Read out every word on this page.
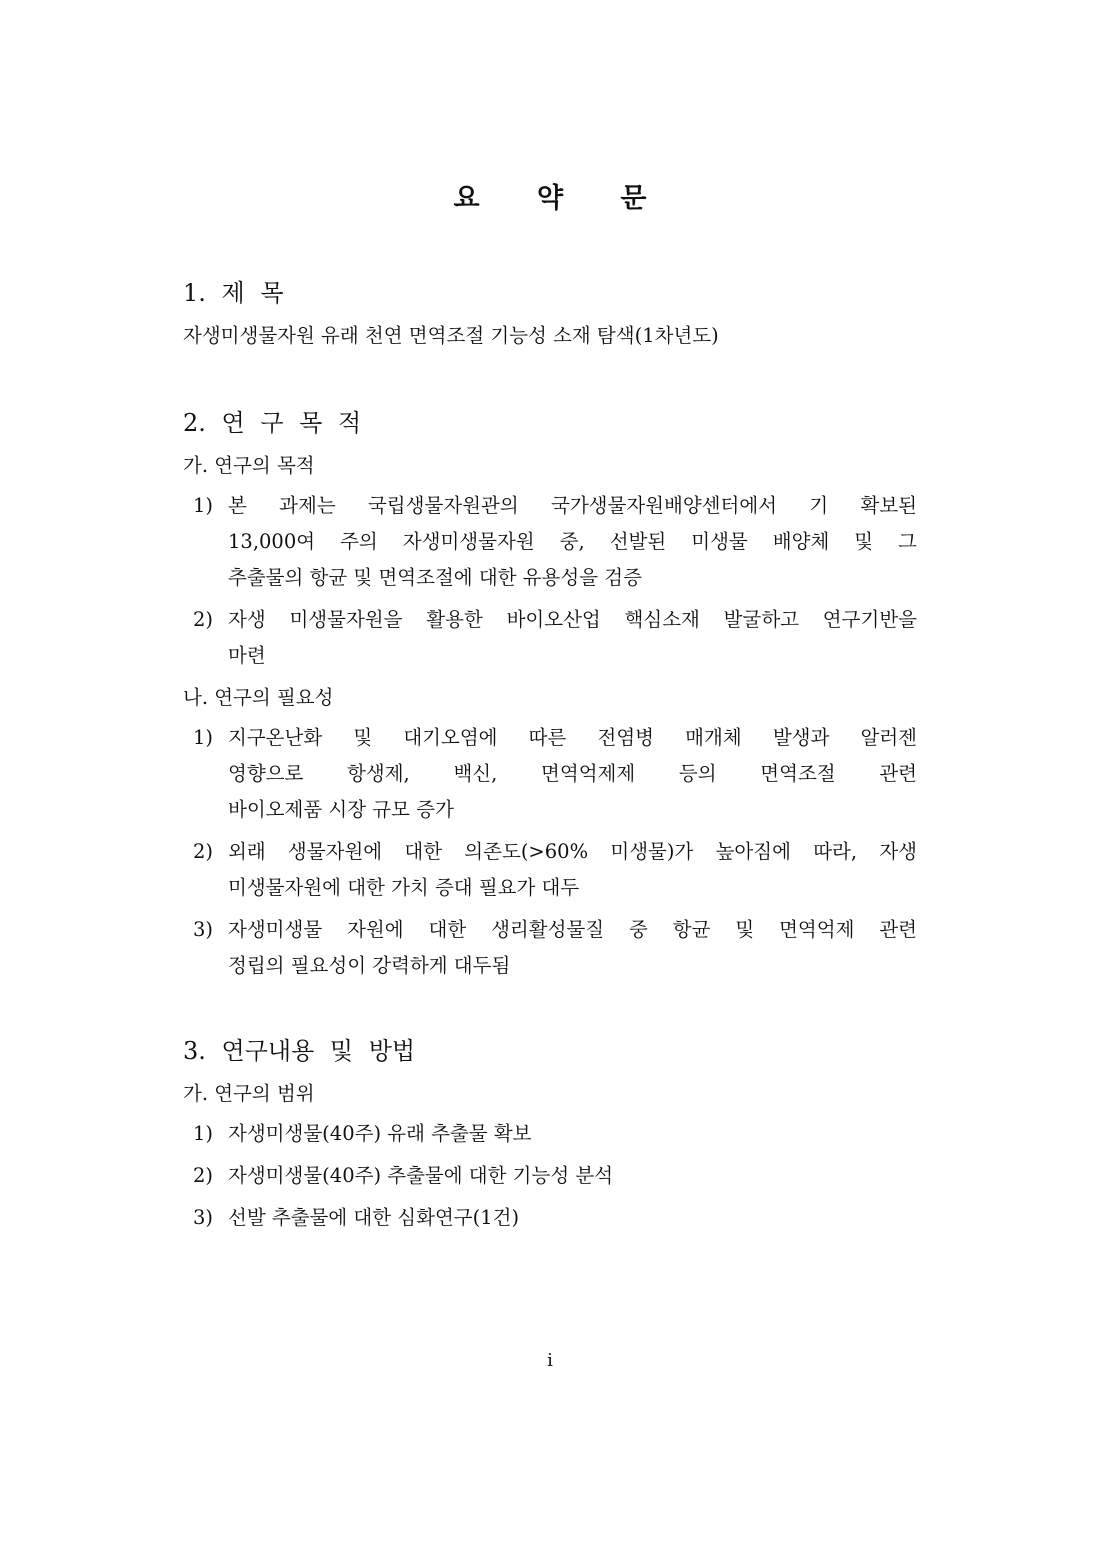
요 약 문
1. 제 목

자생미생물자원 유래 천연 면역조절 기능성 소재 탐색(1차년도)

2. 연 구 목 적
가. 연구의 목적
1) 본 과제는 국립생물자원관의 국가생물자원배양센터에서 기 확보된
13,000여 주의 자생미생물자원 중, 선발된 미생물 배양체 및 그
추출물의 항균 및 면역조절에 대한 유용성을 검증
2) 자생 미생물자원을 활용한 바이오산업 핵심소재 발굴하고 연구기반을
마련
나. 연구의 필요성
1) 지구온난화 및 대기오염에 따른 전염병 매개체 발생과 알러젠
영향으로 항생제, 백신, 면역억제제 등의 면역조절 관련
바이오제품 시장 규모 증가
2) 외래 생물자원에 대한 의존도(>60% 미생물)가 높아짐에 따라, 자생
미생물자원에 대한 가치 증대 필요가 대두
3) 자생미생물 자원에 대한 생리활성물질 중 항균 및 면역억제 관련
정립의 필요성이 강력하게 대두됨
3. 연구내용 및 방법
가. 연구의 범위
1) 자생미생물(40주) 유래 추출물 확보
2) 자생미생물(40주) 추출물에 대한 기능성 분석
3) 선발 추출물에 대한 심화연구(1건)
i
